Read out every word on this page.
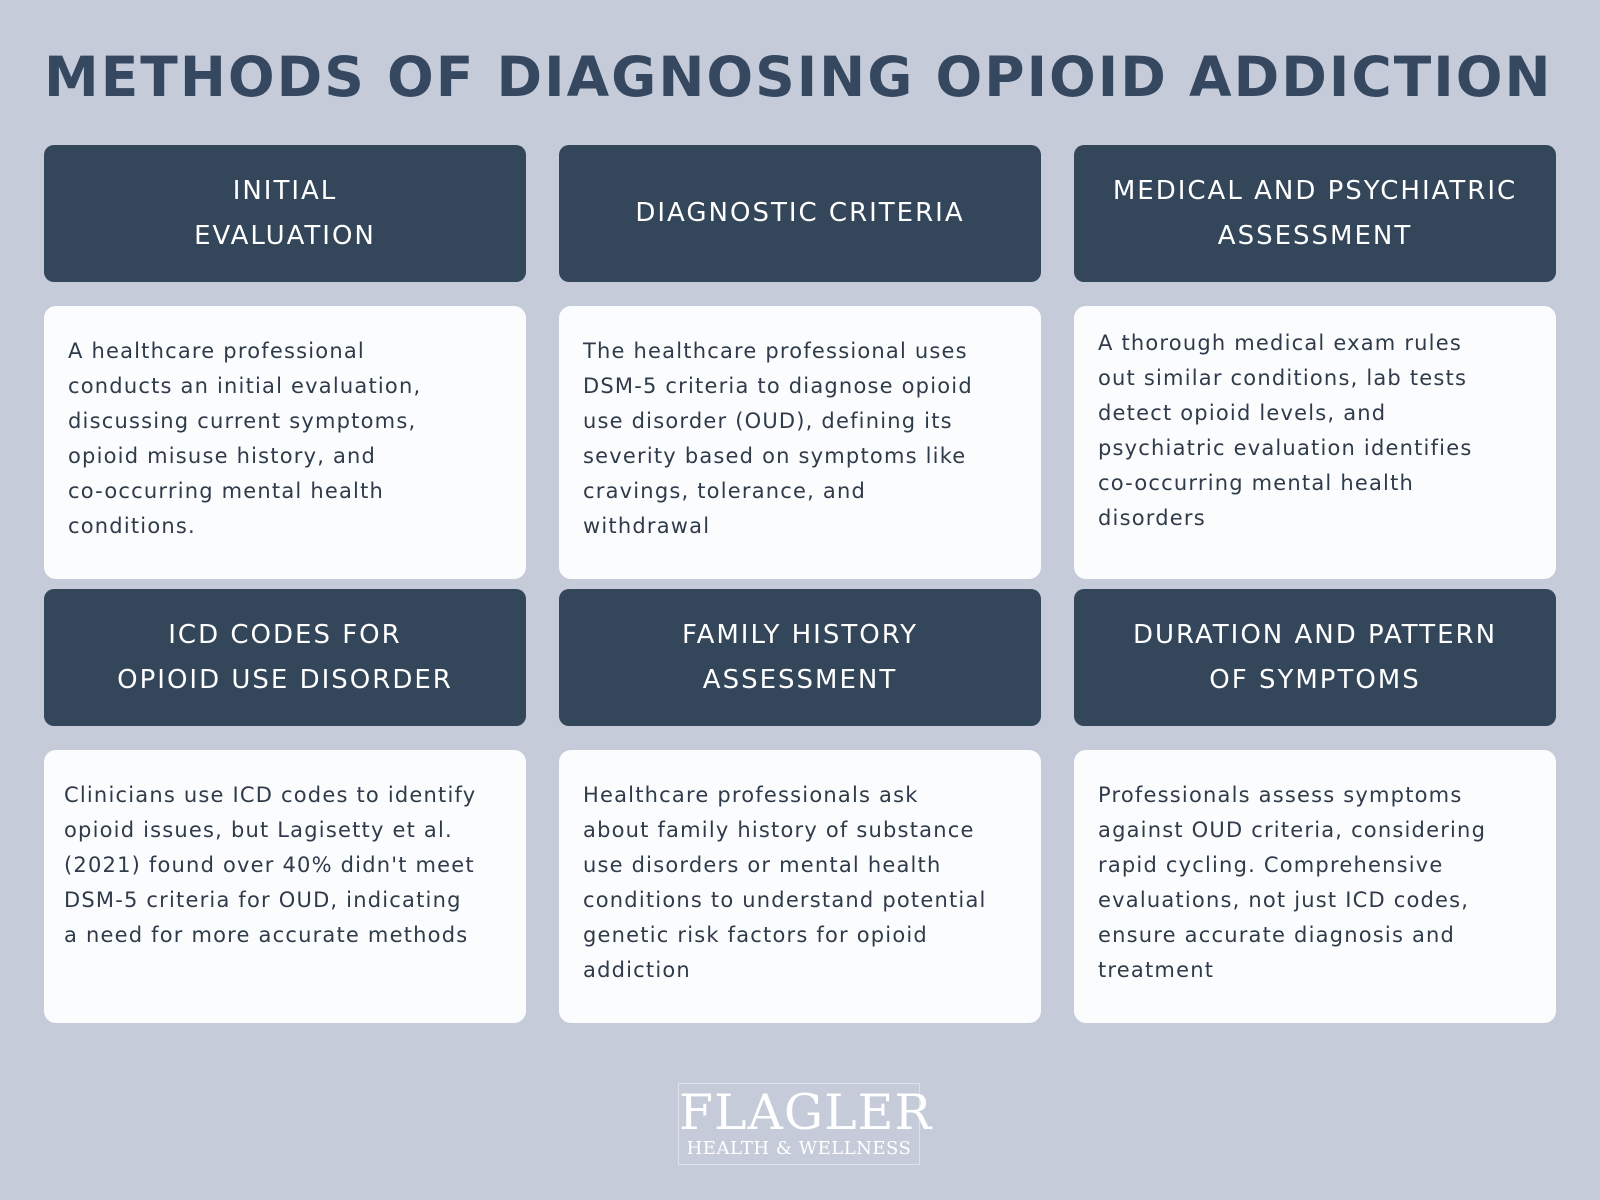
METHODS OF DIAGNOSING OPIOID ADDICTION
INITIAL
EVALUATION
DIAGNOSTIC CRITERIA
MEDICAL AND PSYCHIATRIC
ASSESSMENT

A healthcare professional
conducts an initial evaluation,
discussing current symptoms,
opioid misuse history, and
co-occurring mental health
conditions.

The healthcare professional uses
DSM-5 criteria to diagnose opioid
use disorder (OUD), defining its
severity based on symptoms like
cravings, tolerance, and
withdrawal

A thorough medical exam rules
out similar conditions, lab tests
detect opioid levels, and
psychiatric evaluation identifies
co-occurring mental health
disorders

ICD CODES FOR
OPIOID USE DISORDER
FAMILY HISTORY
ASSESSMENT
DURATION AND PATTERN
OF SYMPTOMS

Clinicians use ICD codes to identify
opioid issues, but Lagisetty et al.
(2021) found over 40% didn't meet
DSM-5 criteria for OUD, indicating
a need for more accurate methods

Healthcare professionals ask
about family history of substance
use disorders or mental health
conditions to understand potential
genetic risk factors for opioid
addiction

Professionals assess symptoms
against OUD criteria, considering
rapid cycling. Comprehensive
evaluations, not just ICD codes,
ensure accurate diagnosis and
treatment

FLAGLER
HEALTH & WELLNESS
